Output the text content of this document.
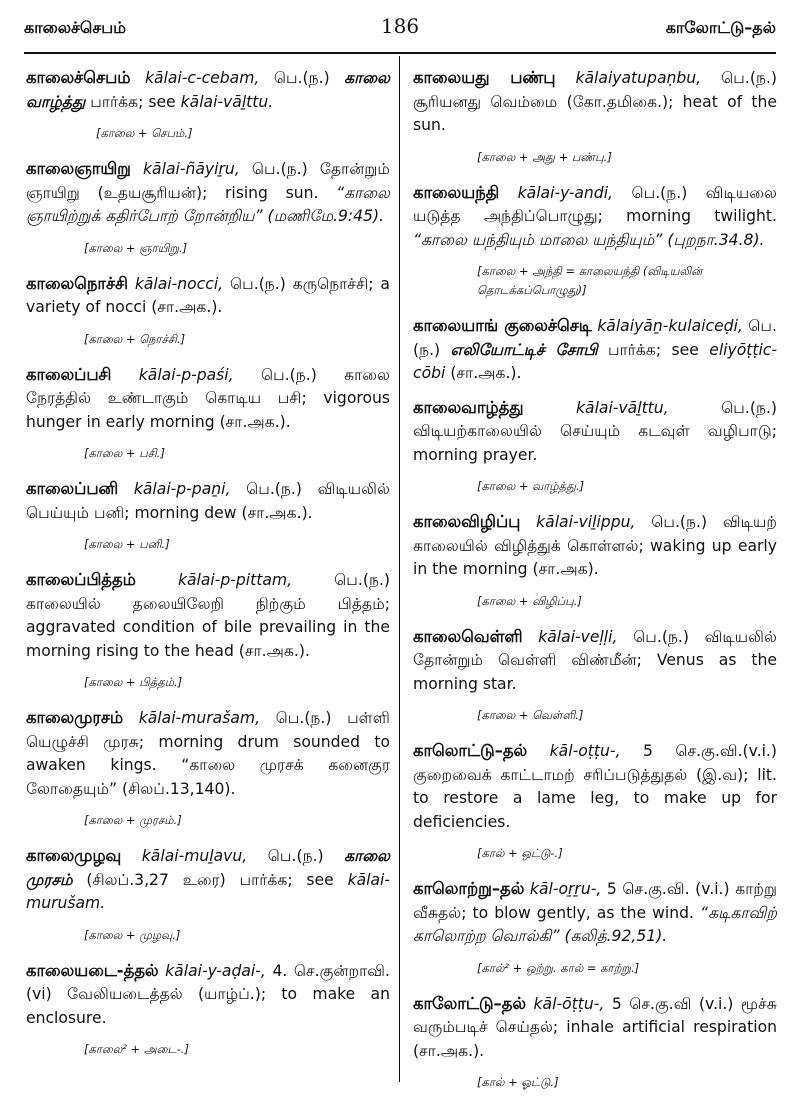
காலைச்செபம்	186	காலோட்டு–தல்

காலைச்செபம் kālai-c-cebam, பெ.(ந.) காலை வாழ்த்து பார்க்க; see kālai-vāḻttu.

[காலை + செபம்.]

காலைஞாயிறு kālai-ñāyiṟu, பெ.(ந.) தோன்றும் ஞாயிறு (உதயசூரியன்); rising sun. “காலை ஞாயிற்றுக் கதிர்போற் றோன்றிய” (மணிமே.9:45).

[காலை + ஞாயிறு.]

காலைநொச்சி kālai-nocci, பெ.(ந.) கருநொச்சி; a variety of nocci (சா.அக.).

[காலை + நொச்சி.]

காலைப்பசி kālai-p-paśi, பெ.(ந.) காலை நேரத்தில் உண்டாகும் கொடிய பசி; vigorous hunger in early morning (சா.அக.).

[காலை + பசி.]

காலைப்பனி kālai-p-paṉi, பெ.(ந.) விடியலில் பெய்யும் பனி; morning dew (சா.அக.).

[காலை + பனி.]

காலைப்பித்தம்	kālai-p-pittam,	பெ.(ந.) காலையில் தலையிலேறி நிற்கும் பித்தம்; aggravated condition of bile prevailing in the morning rising to the head (சா.அக.).

[காலை + பித்தம்.]

காலைமுரசம் kālai-murašam, பெ.(ந.) பள்ளி யெழுச்சி முரசு; morning drum sounded to awaken kings. “காலை முரசக் கனைகுர லோதையும்” (சிலப்.13,140).

[காலை + முரசம்.]

காலைமுழவு kālai-muḻavu, பெ.(ந.) காலை முரசம் (சிலப்.3,27 உரை) பார்க்க; see kālai-murušam.

[காலை + முழவு.]

காலையடை-த்தல் kālai-y-aḍai-, 4. செ.குன்றாவி. (vi) வேலியடைத்தல் (யாழ்ப்.); to make an enclosure.

[காலை² + அடை-.]

காலையது பண்பு kālaiyatupaṇbu, பெ.(ந.) சூரியனது வெம்மை (கோ.தமிகை.); heat of the sun.

[காலை + அது + பண்பு.]

காலையந்தி kālai-y-andi, பெ.(ந.) விடியலை யடுத்த அந்திப்பொழுது; morning twilight. “காலை யந்தியும் மாலை யந்தியும்” (புறநா.34.8).

[காலை + அந்தி = காலையந்தி (விடியலின் தொடக்கப்பொழுது)]

காலையாங் குலைச்செடி kālaiyāṉ-kulaiceḍi, பெ.(ந.) எலியோட்டிச் சோபி பார்க்க; see eliyōṭṭic-cōbi (சா.அக.).

காலைவாழ்த்து	kālai-vāḻttu,	பெ.(ந.) விடியற்காலையில் செய்யும் கடவுள் வழிபாடு; morning prayer.

[காலை + வாழ்த்து.]

காலைவிழிப்பு kālai-viḻippu, பெ.(ந.) விடியற் காலையில் விழித்துக் கொள்ளல்; waking up early in the morning (சா.அக).

[காலை + விழிப்பு.]

காலைவெள்ளி kālai-veḷḷi, பெ.(ந.) விடியலில் தோன்றும் வெள்ளி விண்மீன்; Venus as the morning star.

[காலை + வெள்ளி.]

காலொட்டு–தல் kāl-oṭṭu-, 5 செ.கு.வி.(v.i.) குறைவைக் காட்டாமற் சரிப்படுத்துதல் (இ.வ); lit. to restore a lame leg, to make up for deficiencies.

[கால் + ஒட்டு-.]

காலொற்று–தல் kāl-oṟṟu-, 5 செ.கு.வி. (v.i.) காற்று வீசுதல்; to blow gently, as the wind. “கடிகாவிற் காலொற்ற வொல்கி” (கலித்.92,51).

[கால்² + ஒற்று. கால் = காற்று.]

காலோட்டு–தல் kāl-ōṭṭu-, 5 செ.கு.வி (v.i.) மூச்சு வரும்படிச் செய்தல்; inhale artificial respiration (சா.அக.).

[கால் + ஓட்டு.]
